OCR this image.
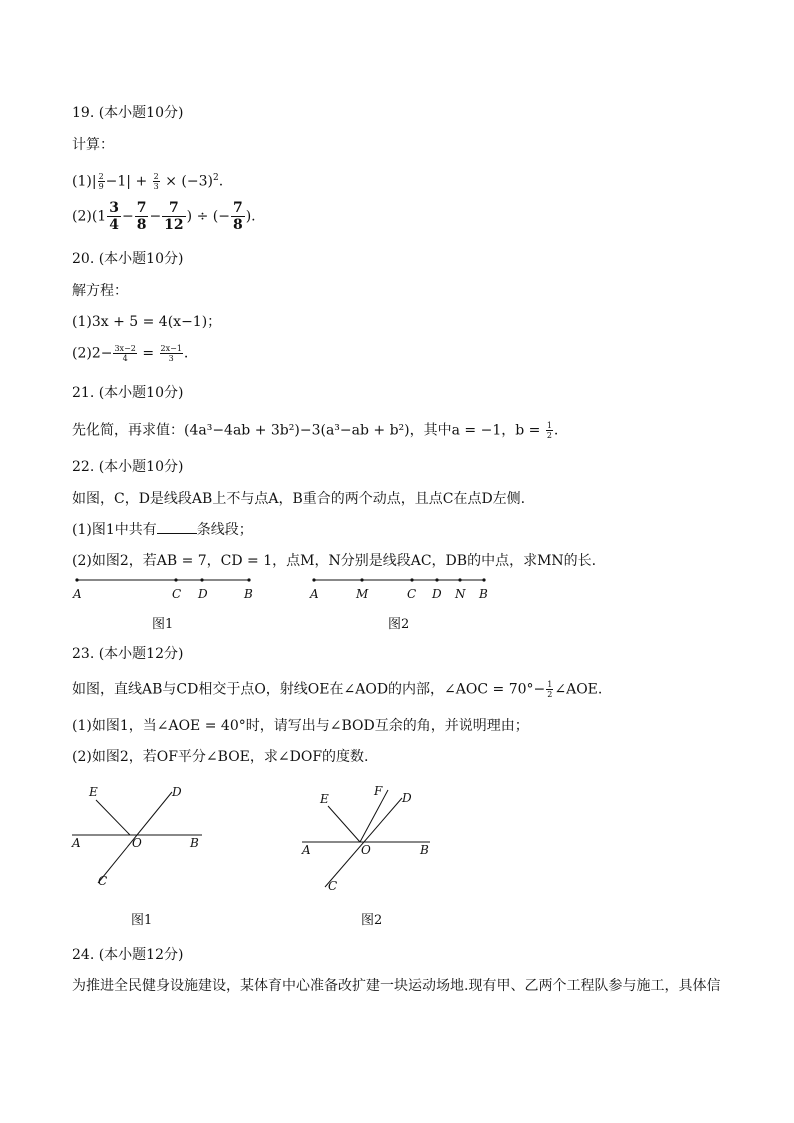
19. (本小题10分)
计算：
$(1)| \frac{2}{9} -1| + \frac{2}{3} \times (-3)^2$.
$(2)(1 \frac{3}{4} - \frac{7}{8} - \frac{7}{12}$ ) ÷ (− $\frac{7}{8}$ ).
20. (本小题10分)
解方程：
(1)3x + 5 = 4(x−1)；
$(2)2- \frac{3x-2}{4} = \frac{2x-1}{3}$ .
21. (本小题10分)
先化简，再求值：(4a³−4ab + 3b²)−3(a³−ab + b²)，其中a = −1，$b = \frac{1}{2}$ .
22. (本小题10分)
如图，C，D是线段AB上不与点A，B重合的两个动点，且点C在点D左侧.
(1)图1中共有	条线段；
(2)如图2，若AB = 7，CD = 1，点M，N分别是线段AC，DB的中点，求MN的长.
A	C D	B
图1
A	M	C D N B
图2
23. (本小题12分)
如图，直线AB与CD相交于点O，射线OE在∠AOD的内部，∠AOC = $70^\circ- \frac{1}{2}$ ∠AOE.
(1)如图1，当∠AOE = 40°时，请写出与∠BOD互余的角，并说明理由；
(2)如图2，若OF平分∠BOE，求∠DOF的度数.
E	D
A	O	B
C
图1
E
F D
A	O	B
C
图2
24. (本小题12分)
为推进全民健身设施建设，某体育中心准备改扩建一块运动场地.现有甲、乙两个工程队参与施工，具体信
